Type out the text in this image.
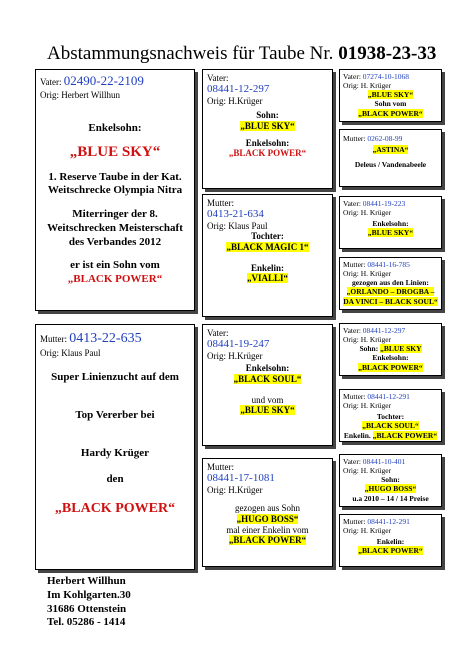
Abstammungsnachweis für Taube Nr. 01938-23-33
Vater: 02490-22-2109
Orig: Herbert Willhun

Enkelsohn:

„BLUE SKY“

1. Reserve Taube in der Kat.

Weitschrecke Olympia Nitra

Miterringer der 8.

Weitschrecken Meisterschaft

des Verbandes 2012

er ist ein Sohn vom

„BLACK POWER“

Mutter: 0413-22-635
Orig: Klaus Paul
Super Linienzucht auf dem
Top Vererber bei
Hardy Krüger
den
„BLACK POWER“
Vater:
08441-12-297
Orig: H.Krüger

Sohn:

„BLUE SKY“

Enkelsohn:

„BLACK POWER“

Mutter:
0413-21-634
Orig: Klaus Paul

Tochter:

„BLACK MAGIC 1“

Enkelin:

„VIALLI“

Vater:
08441-19-247
Orig: H.Krüger

Enkelsohn:

„BLACK SOUL“

und vom

„BLUE SKY“

Mutter:
08441-17-1081
Orig: H.Krüger

gezogen aus Sohn

„HUGO BOSS“

mal einer Enkelin vom

„BLACK POWER“

Vater: 07274-10-1068
Orig: H. Krüger

„BLUE SKY“

Sohn vom

„BLACK POWER“

Mutter: 0262-08-99

„ASTINA“

Deleus / Vandenabeele

Vater: 08441-19-223
Orig: H. Krüger

Enkelsohn:

„BLUE SKY“

Mutter: 08441-16-785
Orig: H. Krüger

gezogen aus den Linien:

„ORLANDO – DROGBA –

DA VINCI – BLACK SOUL“

Vater: 08441-12-297
Orig: H. Krüger

Sohn: „BLUE SKY

Enkelsohn:

„BLACK POWER“

Mutter: 08441-12-291
Orig: H. Krüger

Tochter:

„BLACK SOUL“

Enkelin. „BLACK POWER“

Vater: 08441-10-401
Orig: H. Krüger

Sohn:

„HUGO BOSS“

u.a 2010 – 14 / 14 Preise

Mutter: 08441-12-291
Orig: H. Krüger

Enkelin:

„BLACK POWER“

Herbert Willhun

Im Kohlgarten.30

31686 Ottenstein

Tel. 05286 - 1414
